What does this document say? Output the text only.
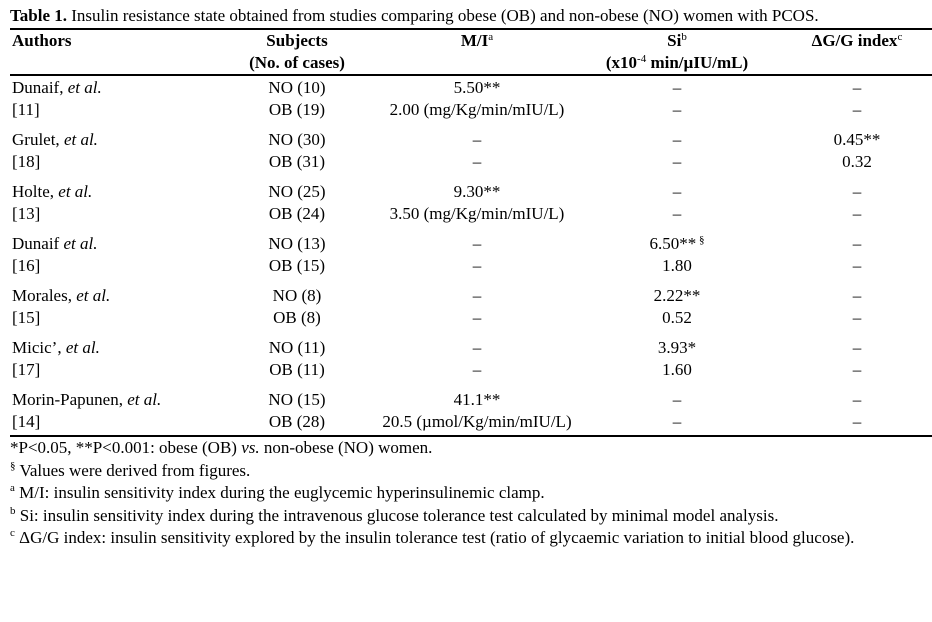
Table 1. Insulin resistance state obtained from studies comparing obese (OB) and non-obese (NO) women with PCOS.

Authors	Subjects	$M/I^a$	Si$^b$	ΔG/G index$^c$
	(No. of cases)		($x10^{-4}$ min/µIU/mL)	
Dunaif, et al.	NO (10)	5.50**	–	–
[11]	OB (19)	2.00 (mg/Kg/min/mIU/L)	–	–
Grulet, et al.	NO (30)	–	–	0.45**
[18]	OB (31)	–	–	0.32
Holte, et al.	NO (25)	9.30**	–	–
[13]	OB (24)	3.50 (mg/Kg/min/mIU/L)	–	–
Dunaif et al.	NO (13)	–	6.50** §	–
[16]	OB (15)	–	1.80	–
Morales, et al.	NO (8)	–	2.22**	–
[15]	OB (8)	–	0.52	–
Micic’, et al.	NO (11)	–	3.93*	–
[17]	OB (11)	–	1.60	–
Morin-Papunen, et al.	NO (15)	41.1**	–	–
[14]	OB (28)	20.5 (µmol/Kg/min/mIU/L)	–	–

*P<0.05, **P<0.001: obese (OB) vs. non-obese (NO) women.

§ Values were derived from figures.

$^a$ M/I: insulin sensitivity index during the euglycemic hyperinsulinemic clamp.

$^b$ Si: insulin sensitivity index during the intravenous glucose tolerance test calculated by minimal model analysis.

$^c$ ΔG/G index: insulin sensitivity explored by the insulin tolerance test (ratio of glycaemic variation to initial blood glucose).
